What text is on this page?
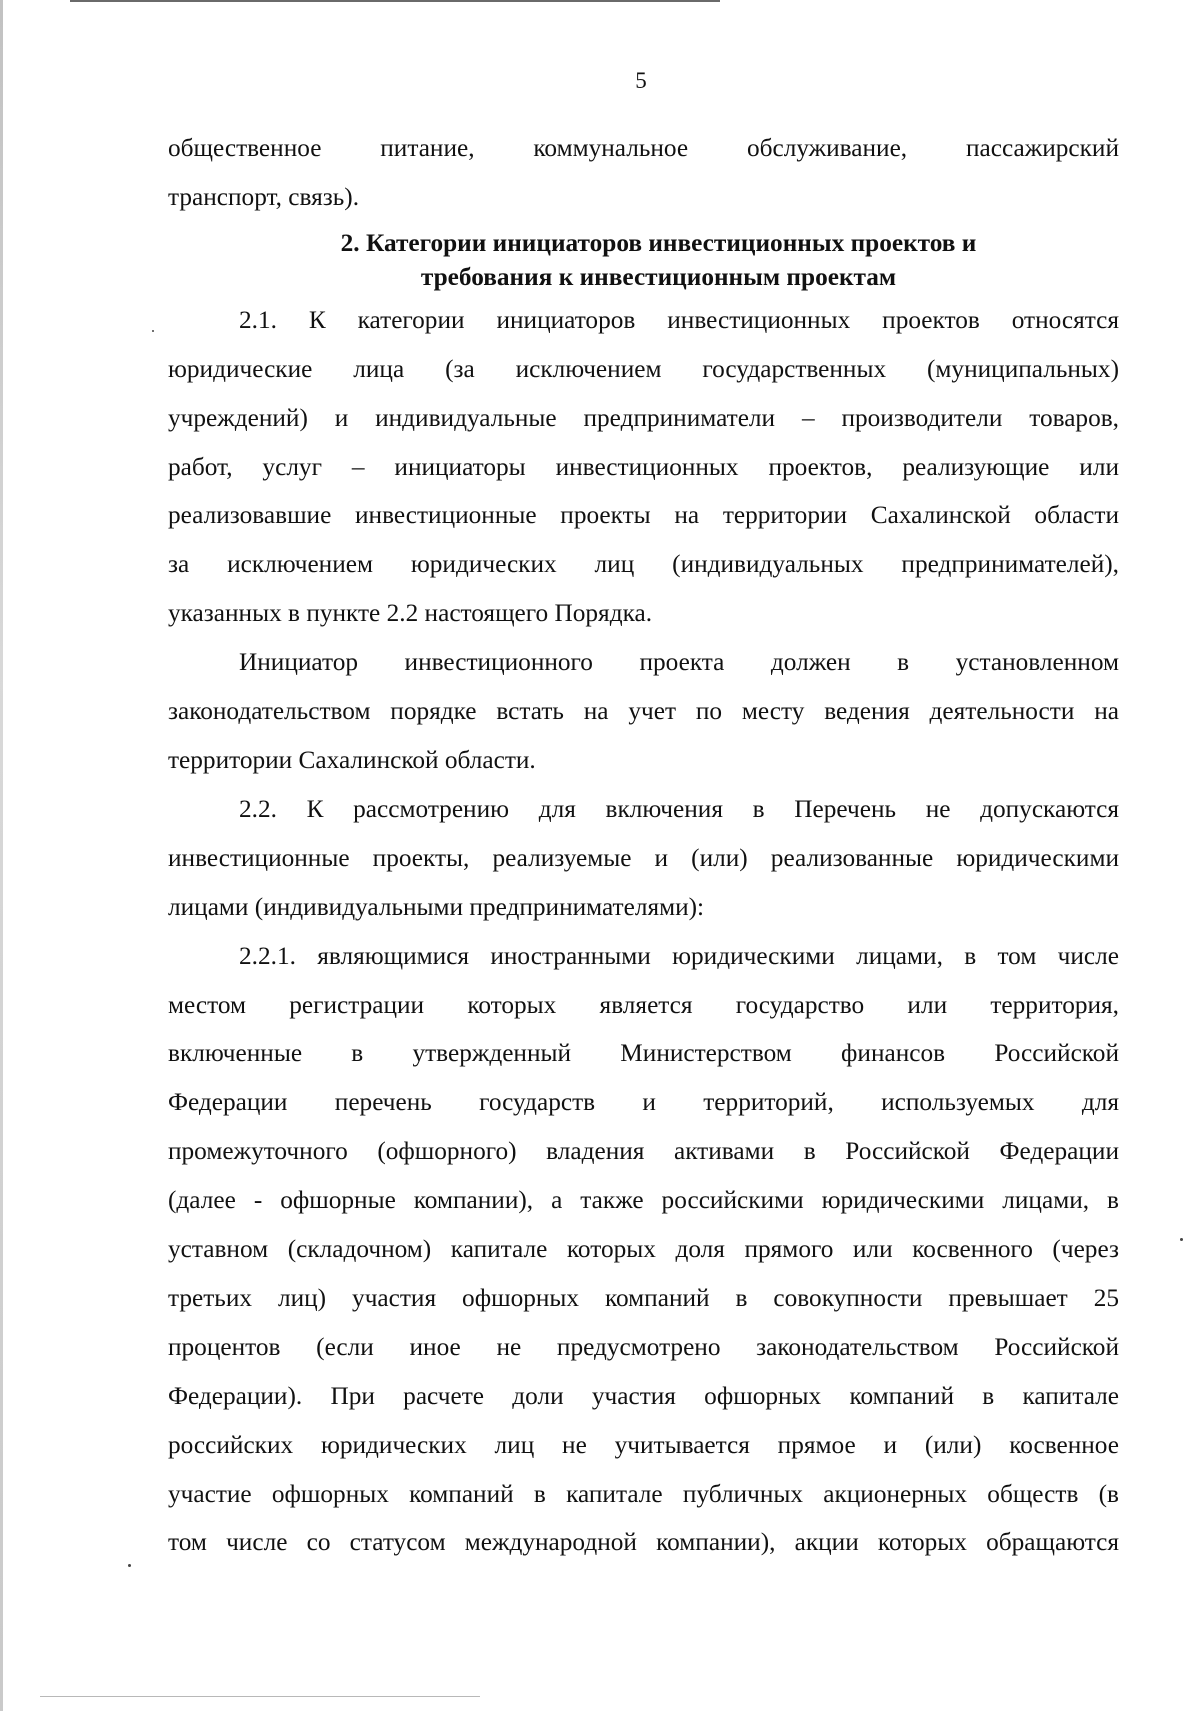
5

общественное питание, коммунальное обслуживание, пассажирский
транспорт, связь).

2. Категории инициаторов инвестиционных проектов и
требования к инвестиционным проектам

2.1. К категории инициаторов инвестиционных проектов относятся
юридические лица (за исключением государственных (муниципальных)
учреждений) и индивидуальные предприниматели – производители товаров,
работ, услуг – инициаторы инвестиционных проектов, реализующие или
реализовавшие инвестиционные проекты на территории Сахалинской области
за исключением юридических лиц (индивидуальных предпринимателей),
указанных в пункте 2.2 настоящего Порядка.

Инициатор инвестиционного проекта должен в установленном
законодательством порядке встать на учет по месту ведения деятельности на
территории Сахалинской области.

2.2. К рассмотрению для включения в Перечень не допускаются
инвестиционные проекты, реализуемые и (или) реализованные юридическими
лицами (индивидуальными предпринимателями):

2.2.1. являющимися иностранными юридическими лицами, в том числе
местом регистрации которых является государство или территория,
включенные в утвержденный Министерством финансов Российской
Федерации перечень государств и территорий, используемых для
промежуточного (офшорного) владения активами в Российской Федерации
(далее - офшорные компании), а также российскими юридическими лицами, в
уставном (складочном) капитале которых доля прямого или косвенного (через
третьих лиц) участия офшорных компаний в совокупности превышает 25
процентов (если иное не предусмотрено законодательством Российской
Федерации). При расчете доли участия офшорных компаний в капитале
российских юридических лиц не учитывается прямое и (или) косвенное
участие офшорных компаний в капитале публичных акционерных обществ (в
том числе со статусом международной компании), акции которых обращаются
